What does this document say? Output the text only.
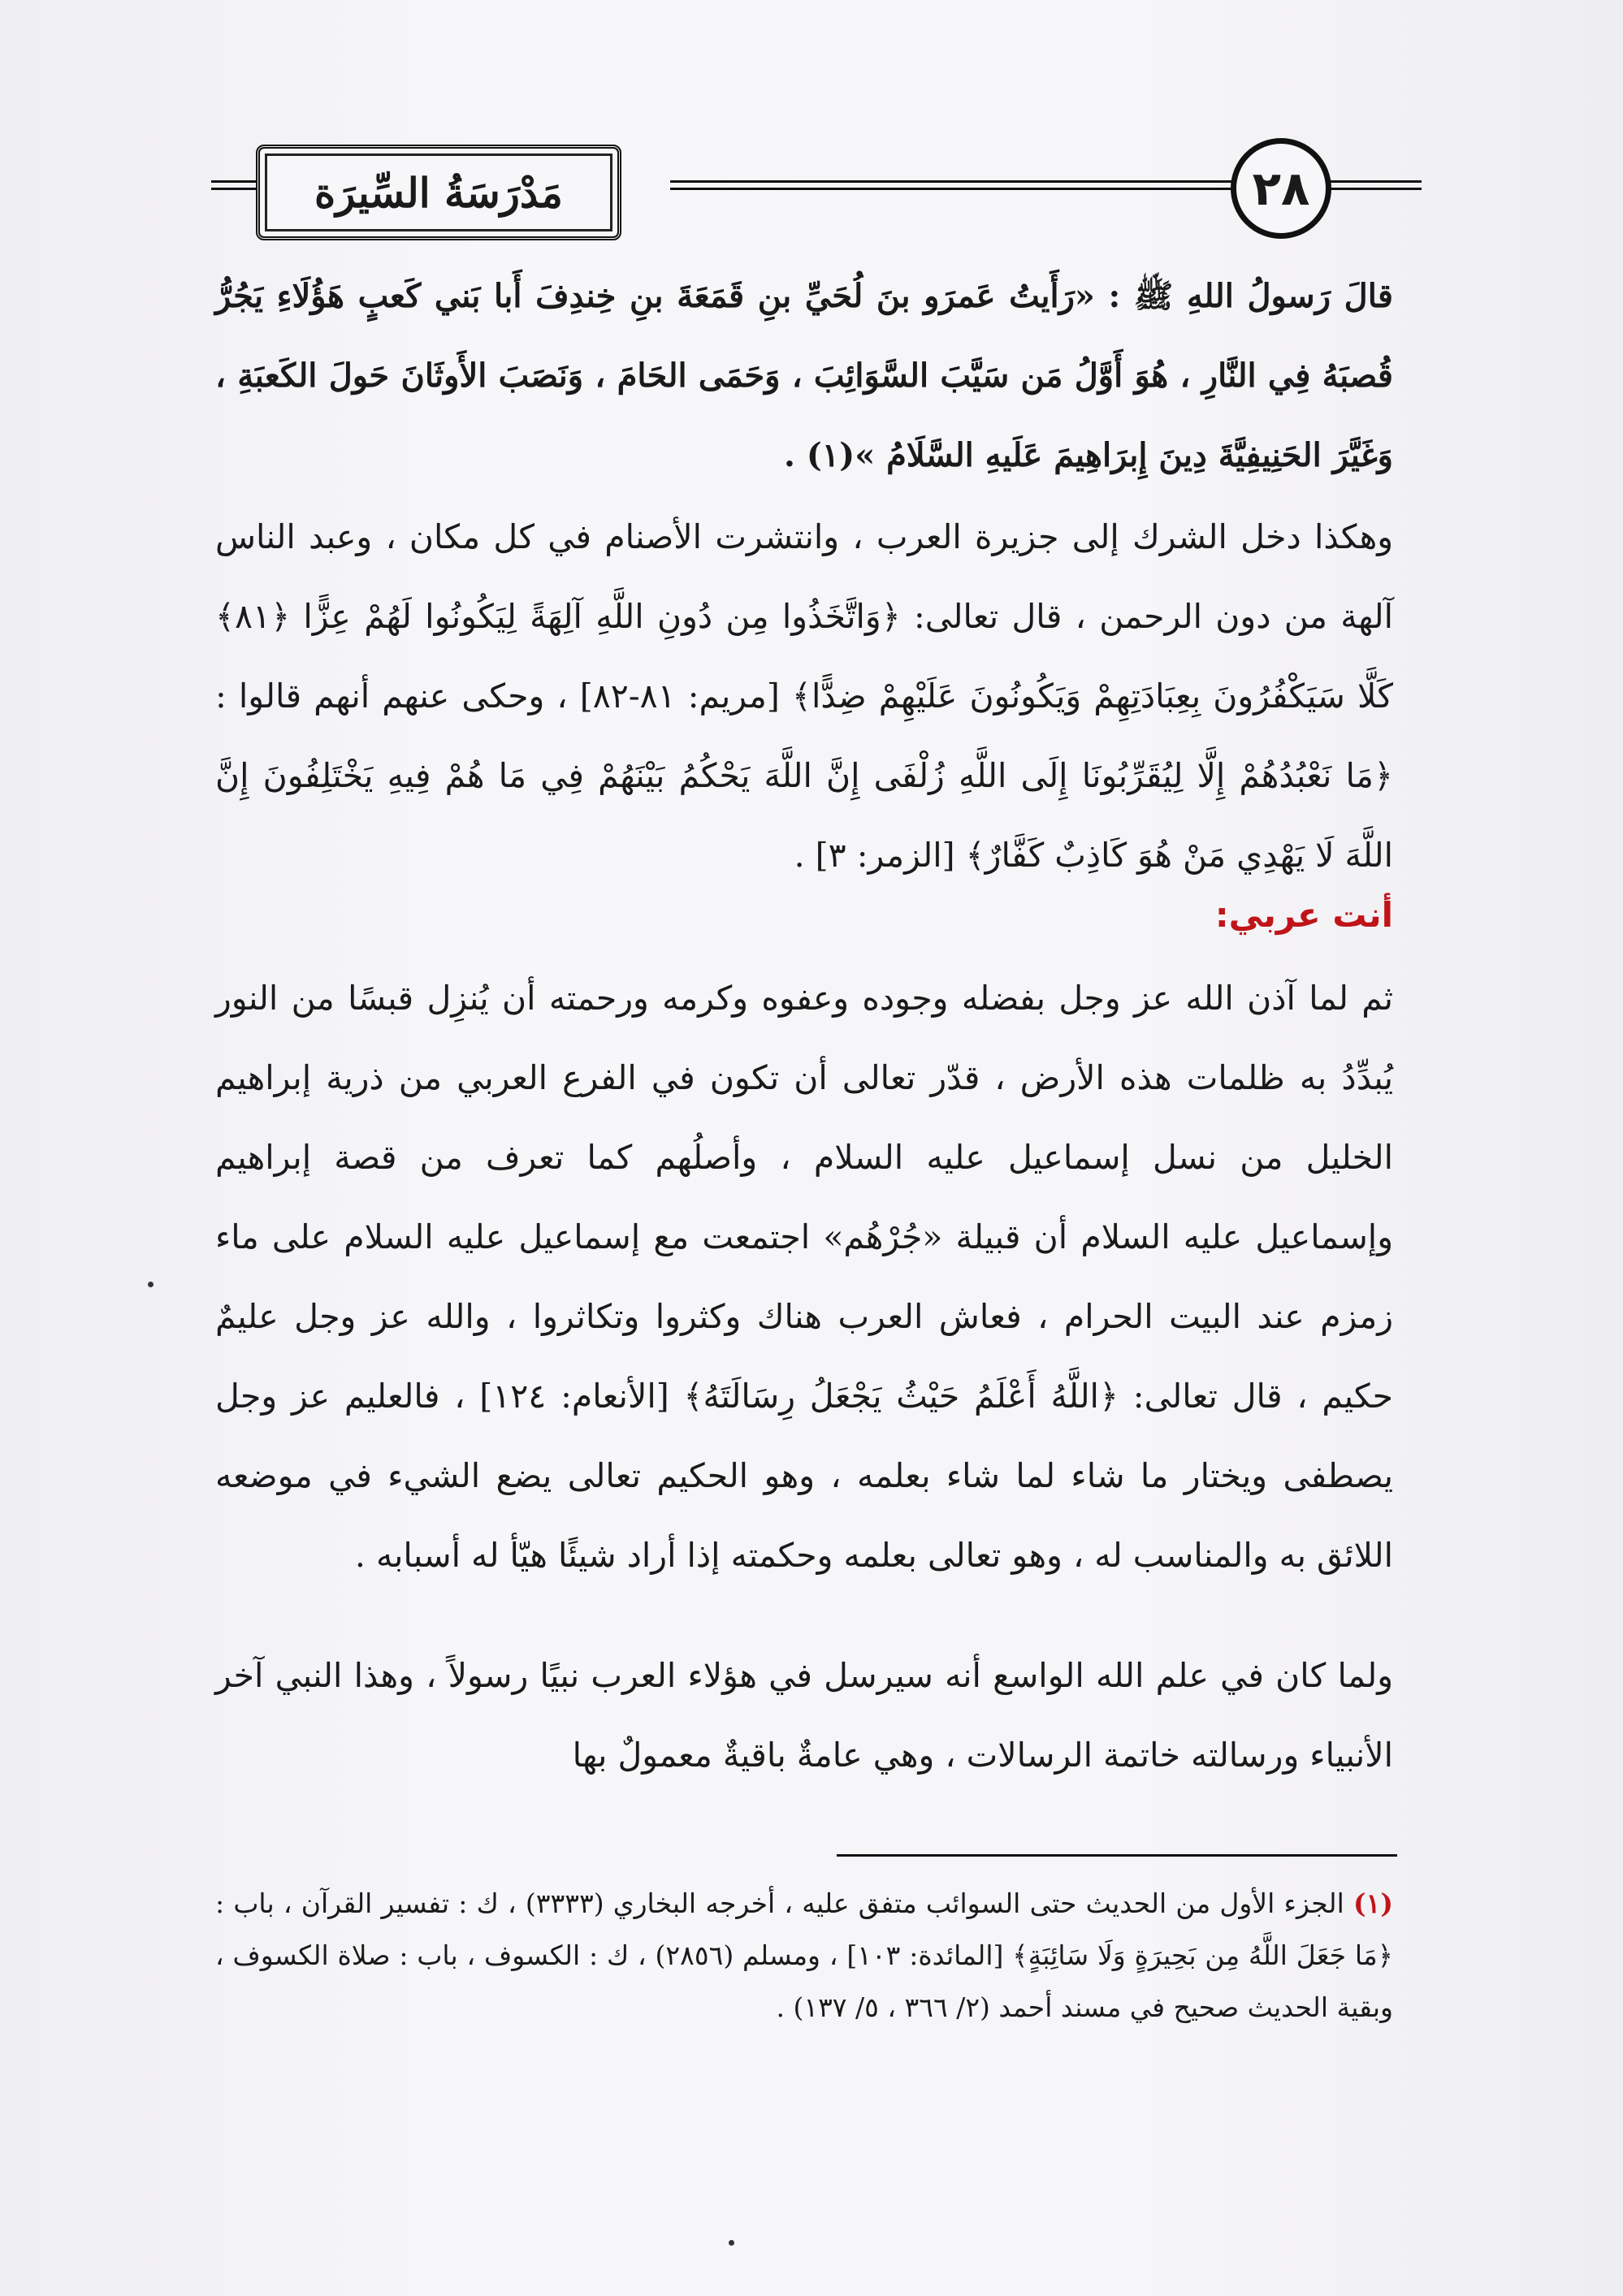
مَدْرَسَةُ السِّيرَة	٢٨
قالَ رَسولُ اللهِ ﷺ : «رَأَيتُ عَمرَو بنَ لُحَيِّ بنِ قَمَعَةَ بنِ خِندِفَ أَبا بَني كَعبٍ هَؤُلَاءِ يَجُرُّ قُصبَهُ فِي النَّارِ ، هُوَ أَوَّلُ مَن سَيَّبَ السَّوَائِبَ ، وَحَمَى الحَامَ ، وَنَصَبَ الأَوثَانَ حَولَ الكَعبَةِ ، وَغَيَّرَ الحَنِيفِيَّةَ دِينَ إِبرَاهِيمَ عَلَيهِ السَّلَامُ »(١) .
وهكذا دخل الشرك إلى جزيرة العرب ، وانتشرت الأصنام في كل مكان ، وعبد الناس آلهة من دون الرحمن ، قال تعالى: ﴿وَاتَّخَذُوا مِن دُونِ اللَّهِ آلِهَةً لِيَكُونُوا لَهُمْ عِزًّا ﴿٨١﴾ كَلَّا سَيَكْفُرُونَ بِعِبَادَتِهِمْ وَيَكُونُونَ عَلَيْهِمْ ضِدًّا﴾ [مريم: ٨١-٨٢] ، وحكى عنهم أنهم قالوا : ﴿مَا نَعْبُدُهُمْ إِلَّا لِيُقَرِّبُونَا إِلَى اللَّهِ زُلْفَى إِنَّ اللَّهَ يَحْكُمُ بَيْنَهُمْ فِي مَا هُمْ فِيهِ يَخْتَلِفُونَ إِنَّ اللَّهَ لَا يَهْدِي مَنْ هُوَ كَاذِبٌ كَفَّارٌ﴾ [الزمر: ٣] .
أنت عربي:
ثم لما آذن الله عز وجل بفضله وجوده وعفوه وكرمه ورحمته أن يُنزِل قبسًا من النور يُبدِّدُ به ظلمات هذه الأرض ، قدّر تعالى أن تكون في الفرع العربي من ذرية إبراهيم الخليل من نسل إسماعيل عليه السلام ، وأصلُهم كما تعرف من قصة إبراهيم وإسماعيل عليه السلام أن قبيلة «جُرْهُم» اجتمعت مع إسماعيل عليه السلام على ماء زمزم عند البيت الحرام ، فعاش العرب هناك وكثروا وتكاثروا ، والله عز وجل عليمٌ حكيم ، قال تعالى: ﴿اللَّهُ أَعْلَمُ حَيْثُ يَجْعَلُ رِسَالَتَهُ﴾ [الأنعام: ١٢٤] ، فالعليم عز وجل يصطفى ويختار ما شاء لما شاء بعلمه ، وهو الحكيم تعالى يضع الشيء في موضعه اللائق به والمناسب له ، وهو تعالى بعلمه وحكمته إذا أراد شيئًا هيّأ له أسبابه .
ولما كان في علم الله الواسع أنه سيرسل في هؤلاء العرب نبيًا رسولاً ، وهذا النبي آخر الأنبياء ورسالته خاتمة الرسالات ، وهي عامةٌ باقيةٌ معمولٌ بها
(١) الجزء الأول من الحديث حتى السوائب متفق عليه ، أخرجه البخاري (٣٣٣٣) ، ك : تفسير القرآن ، باب : ﴿مَا جَعَلَ اللَّهُ مِن بَحِيرَةٍ وَلَا سَائِبَةٍ﴾ [المائدة: ١٠٣] ، ومسلم (٢٨٥٦) ، ك : الكسوف ، باب : صلاة الكسوف ، وبقية الحديث صحيح في مسند أحمد (٢/ ٣٦٦ ، ٥/ ١٣٧) .
